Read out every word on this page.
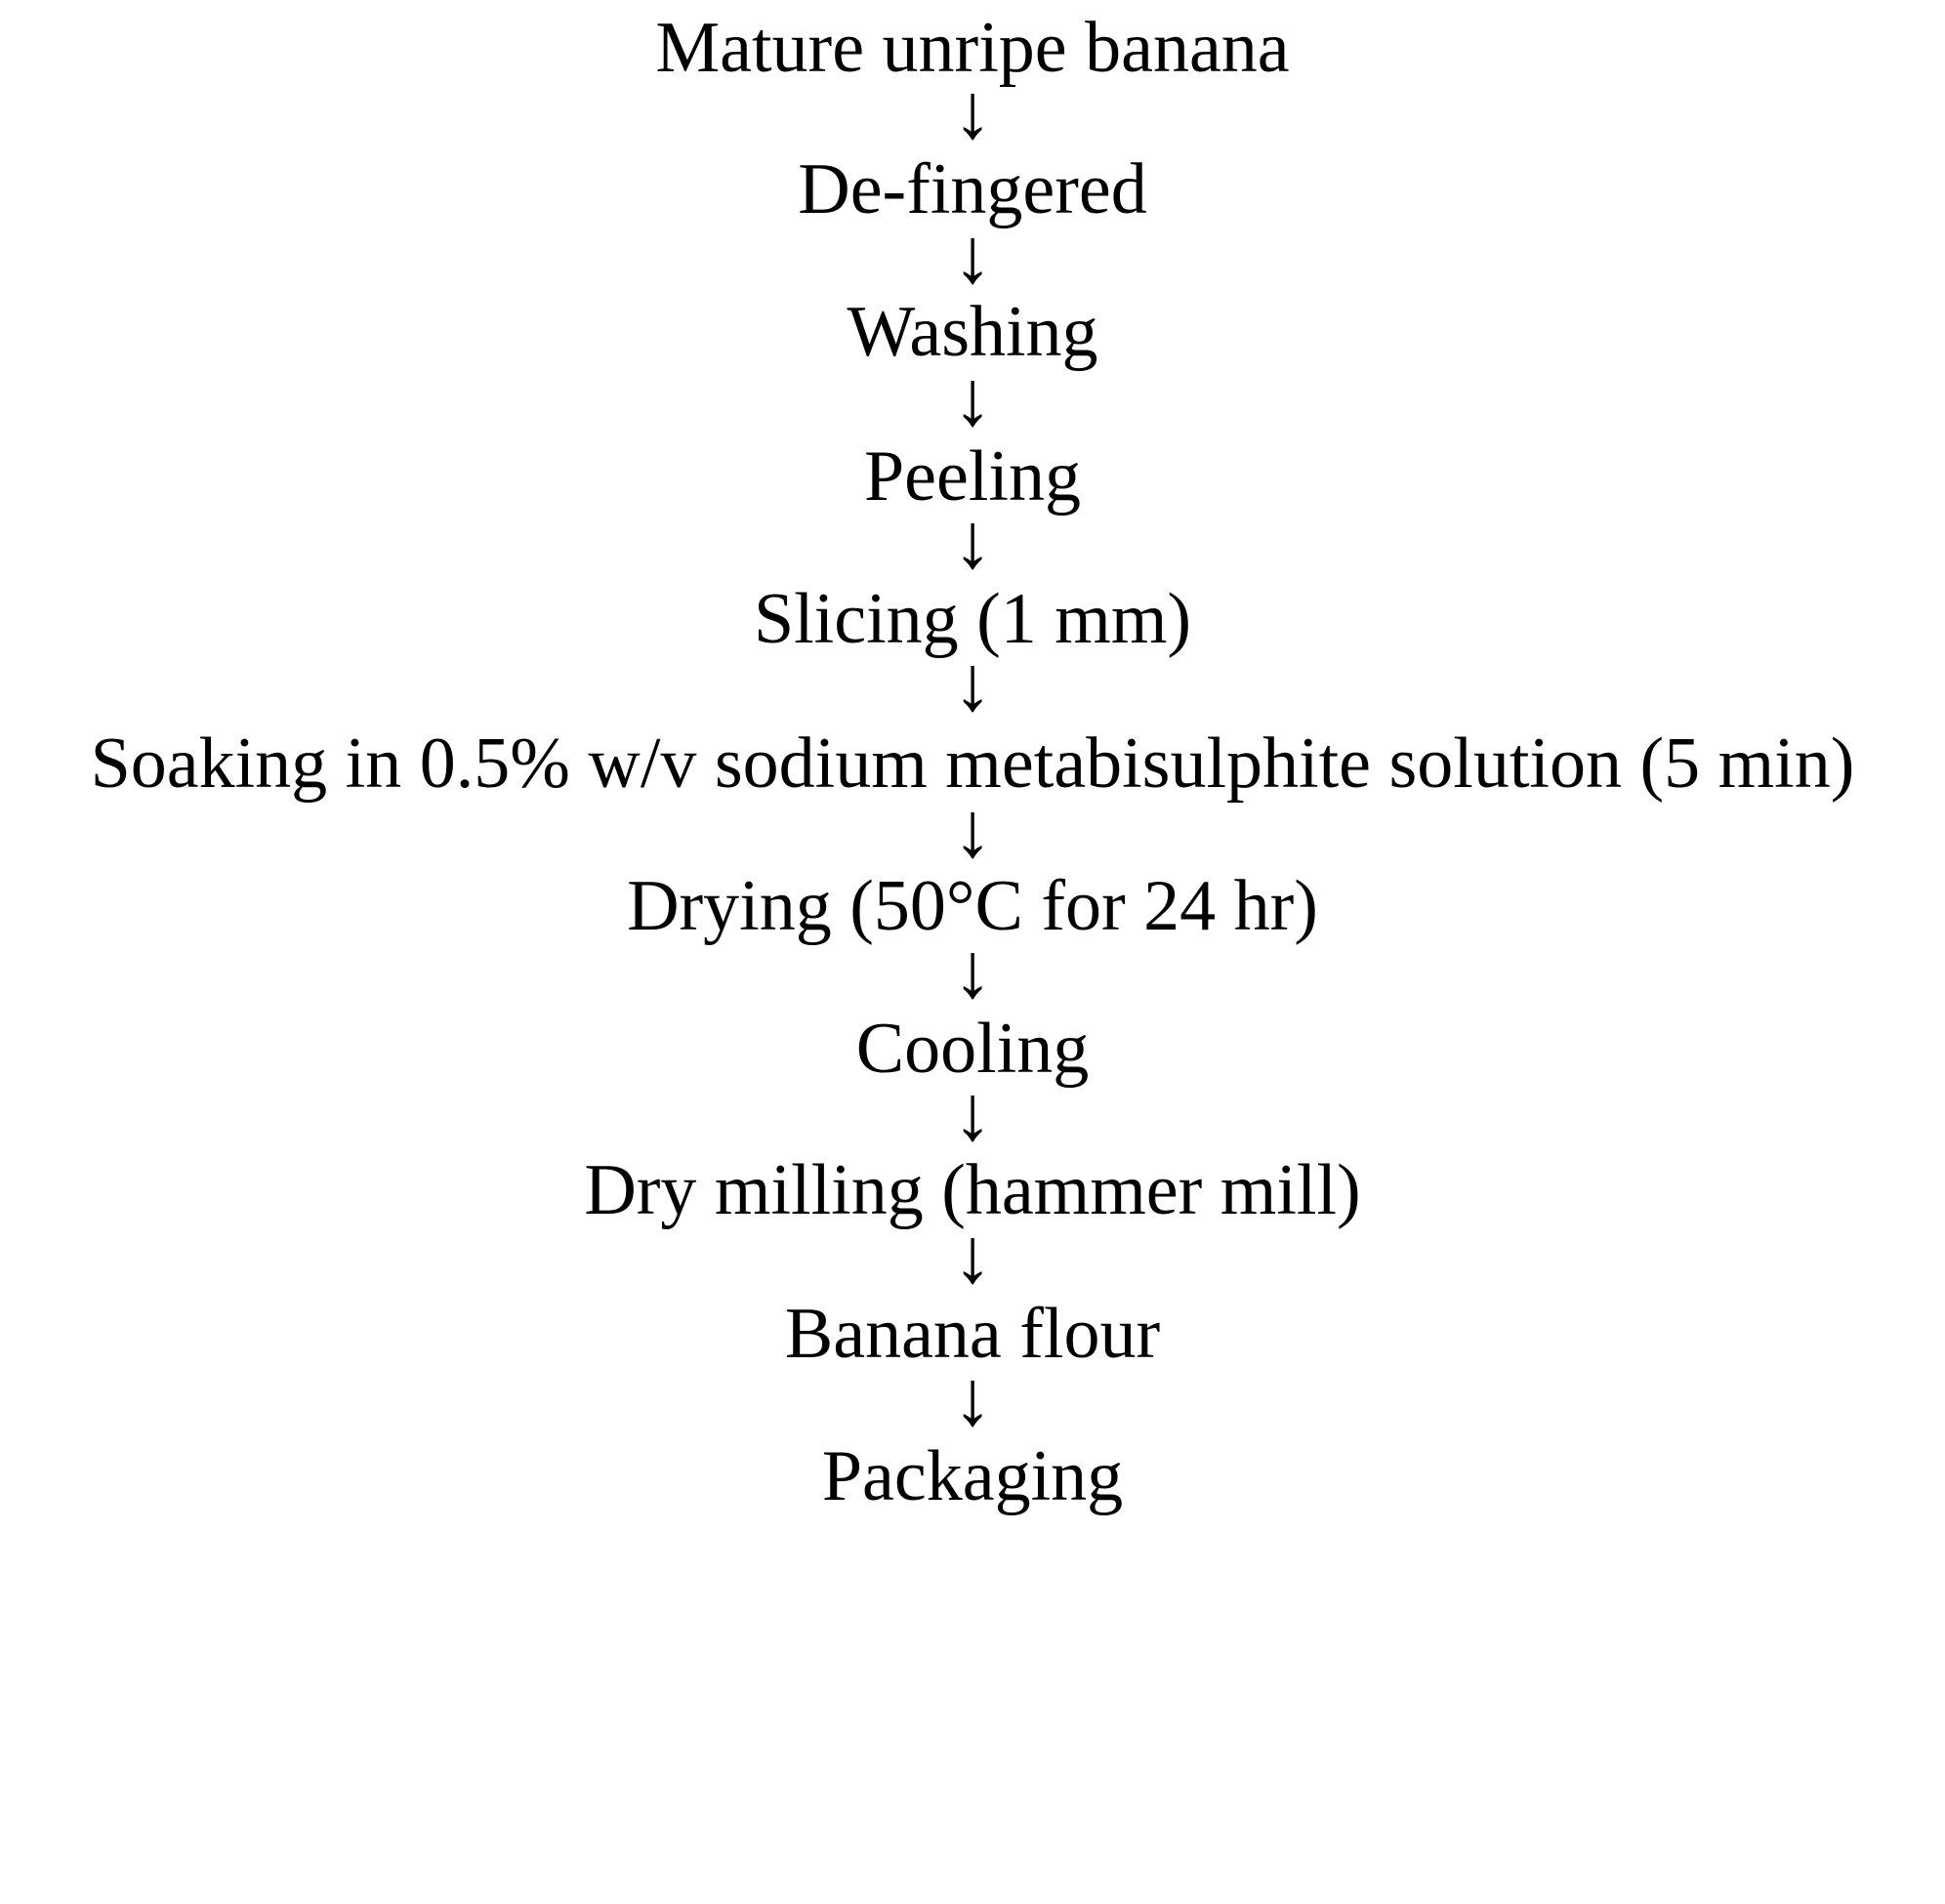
Mature unripe banana
↓
De-fingered
↓
Washing
↓
Peeling
↓
Slicing (1 mm)
↓
Soaking in 0.5% w/v sodium metabisulphite solution (5 min)
↓
Drying (50°C for 24 hr)
↓
Cooling
↓
Dry milling (hammer mill)
↓
Banana flour
↓
Packaging
